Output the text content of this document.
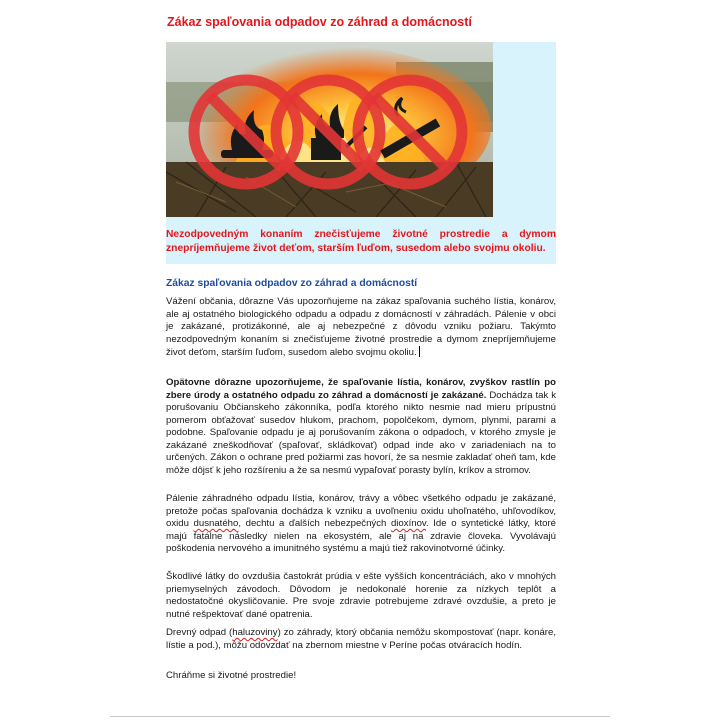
Zákaz spaľovania odpadov zo záhrad a domácností
Nezodpovedným konaním znečisťujeme životné prostredie a dymom znepríjemňujeme život deťom, starším ľuďom, susedom alebo svojmu okoliu.
Zákaz spaľovania odpadov zo záhrad a domácností

Vážení občania, dôrazne Vás upozorňujeme na zákaz spaľovania suchého lístia, konárov, ale aj ostatného biologického odpadu a odpadu z domácností v záhradách. Pálenie v obci je zakázané, protizákonné, ale aj nebezpečné z dôvodu vzniku požiaru. Takýmto nezodpovedným konaním si znečisťujeme životné prostredie a dymom znepríjemňujeme život deťom, starším ľuďom, susedom alebo svojmu okoliu.

Opätovne dôrazne upozorňujeme, že spaľovanie lístia, konárov, zvyškov rastlín po zbere úrody a ostatného odpadu zo záhrad a domácností je zakázané. Dochádza tak k porušovaniu Občianskeho zákonníka, podľa ktorého nikto nesmie nad mieru prípustnú pomerom obťažovať susedov hlukom, prachom, popolčekom, dymom, plynmi, parami a podobne. Spaľovanie odpadu je aj porušovaním zákona o odpadoch, v ktorého zmysle je zakázané zneškodňovať (spaľovať, skládkovať) odpad inde ako v zariadeniach na to určených. Zákon o ochrane pred požiarmi zas hovorí, že sa nesmie zakladať oheň tam, kde môže dôjsť k jeho rozšíreniu a že sa nesmú vypaľovať porasty bylín, kríkov a stromov.

Pálenie záhradného odpadu lístia, konárov, trávy a vôbec všetkého odpadu je zakázané, pretože počas spaľovania dochádza k vzniku a uvoľneniu oxidu uhoľnatého, uhľovodíkov, oxidu dusnatého, dechtu a ďalších nebezpečných dioxínov. Ide o syntetické látky, ktoré majú fatálne následky nielen na ekosystém, ale aj na zdravie človeka. Vyvolávajú poškodenia nervového a imunitného systému a majú tiež rakovinotvorné účinky.

Škodlivé látky do ovzdušia častokrát prúdia v ešte vyšších koncentráciách, ako v mnohých priemyselných závodoch. Dôvodom je nedokonalé horenie za nízkych teplôt a nedostatočné okysličovanie. Pre svoje zdravie potrebujeme zdravé ovzdušie, a preto je nutné rešpektovať dané opatrenia.

Drevný odpad (haluzoviny) zo záhrady, ktorý občania nemôžu skompostovať (napr. konáre, lístie a pod.), môžu odovzdať na zbernom miestne v Períne počas otváracích hodín.

Chráňme si životné prostredie!
